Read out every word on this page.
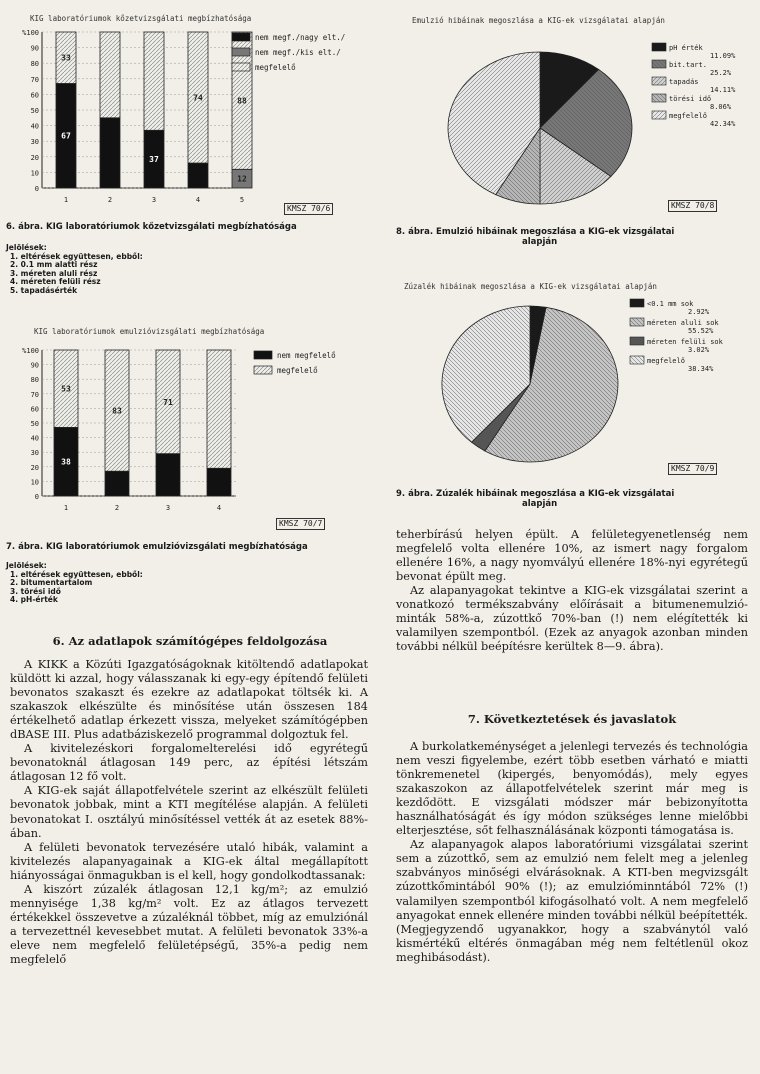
KIG laboratóriumok kőzetvizsgálati megbízhatósága
%100
90
80
70
60
50
40
30
20
10
0
67
33
1	2
37
3
74
4
12
88
5
nem megf./nagy elt./
nem megf./kis elt./
megfelelő
KMSZ 70/6
6. ábra. KIG laboratóriumok kőzetvizsgálati megbízhatósága
Jelölések:
1. eltérések együttesen, ebből:
2. 0.1 mm alatti rész
3. méreten aluli rész
4. méreten felüli rész
5. tapadásérték
KIG laboratóriumok emulzióvizsgálati megbízhatósága
%100
90
80
70
60
50
40
30
20
10
0
38
53
1
83
2
71
3	4
nem megfelelő
megfelelő
KMSZ 70/7
7. ábra. KIG laboratóriumok emulzióvizsgálati megbízhatósága
Jelölések:
1. eltérések együttesen, ebből:
2. bitumentartalom
3. törési idő
4. pH-érték
Emulzió hibáinak megoszlása a KIG-ek vizsgálatai alapján
pH érték
11.09%
bit.tart.
25.2%
tapadás
14.11%
törési idő
8.06%
megfelelő
42.34%
KMSZ 70/8
8. ábra. Emulzió hibáinak megoszlása a KIG-ek vizsgálatai
alapján
Zúzalék hibáinak megoszlása a KIG-ek vizsgálatai alapján
<0.1 mm sok
2.92%
méreten aluli sok
55.52%
méreten felüli sok
3.02%
megfelelő
38.34%
KMSZ 70/9
9. ábra. Zúzalék hibáinak megoszlása a KIG-ek vizsgálatai
alapján
6. Az adatlapok számítógépes feldolgozása

A KIKK a Közúti Igazgatóságoknak kitöltendő adatlapokat küldött ki azzal, hogy válasszanak ki egy-egy építendő felületi bevonatos szakaszt és ezekre az adatlapokat töltsék ki. A szakaszok elkészülte és minősítése után összesen 184 értékelhető adatlap érkezett vissza, melyeket számítógépben dBASE III. Plus adatbáziskezelő programmal dolgoztuk fel.

A kivitelezéskori forgalomelterelési idő egyrétegű bevonatoknál átlagosan 149 perc, az építési létszám átlagosan 12 fő volt.

A KIG-ek saját állapotfelvétele szerint az elkészült felületi bevonatok jobbak, mint a KTI megítélése alapján. A felületi bevonatokat I. osztályú minősítéssel vették át az esetek 88%-ában.

A felületi bevonatok tervezésére utaló hibák, valamint a kivitelezés alapanyagainak a KIG-ek által megállapított hiányosságai önmagukban is el kell, hogy gondolkodtassanak:

A kiszórt zúzalék átlagosan 12,1 kg/m²; az emulzió mennyisége 1,38 kg/m² volt. Ez az átlagos tervezett értékekkel összevetve a zúzaléknál többet, míg az emulziónál a tervezettnél kevesebbet mutat. A felületi bevonatok 33%-a eleve nem megfelelő felületépségű, 35%-a pedig nem megfelelő

teherbírású helyen épült. A felületegyenetlenség nem megfelelő volta ellenére 10%, az ismert nagy forgalom ellenére 16%, a nagy nyomvályú ellenére 18%-nyi egyrétegű bevonat épült meg.

Az alapanyagokat tekintve a KIG-ek vizsgálatai szerint a vonatkozó termékszabvány előírásait a bitumenemulzió-minták 58%-a, zúzottkő 70%-ban (!) nem elégítették ki valamilyen szempontból. (Ezek az anyagok azonban minden további nélkül beépítésre kerültek 8—9. ábra).

7. Következtetések és javaslatok

A burkolatkeménységet a jelenlegi tervezés és technológia nem veszi figyelembe, ezért több esetben várható e miatti tönkremenetel (kipergés, benyomódás), mely egyes szakaszokon az állapotfelvételek szerint már meg is kezdődött. E vizsgálati módszer már bebizonyította használhatóságát és így módon szükséges lenne mielőbbi elterjesztése, sőt felhasználásának központi támogatása is.

Az alapanyagok alapos laboratóriumi vizsgálatai szerint sem a zúzottkő, sem az emulzió nem felelt meg a jelenleg szabványos minőségi elvárásoknak. A KTI-ben megvizsgált zúzottkőmintából 90% (!); az emulzióminntából 72% (!) valamilyen szempontból kifogásolható volt. A nem megfelelő anyagokat ennek ellenére minden további nélkül beépítették. (Megjegyzendő ugyanakkor, hogy a szabványtól való kismértékű eltérés önmagában még nem feltétlenül okoz meghibásodást).
